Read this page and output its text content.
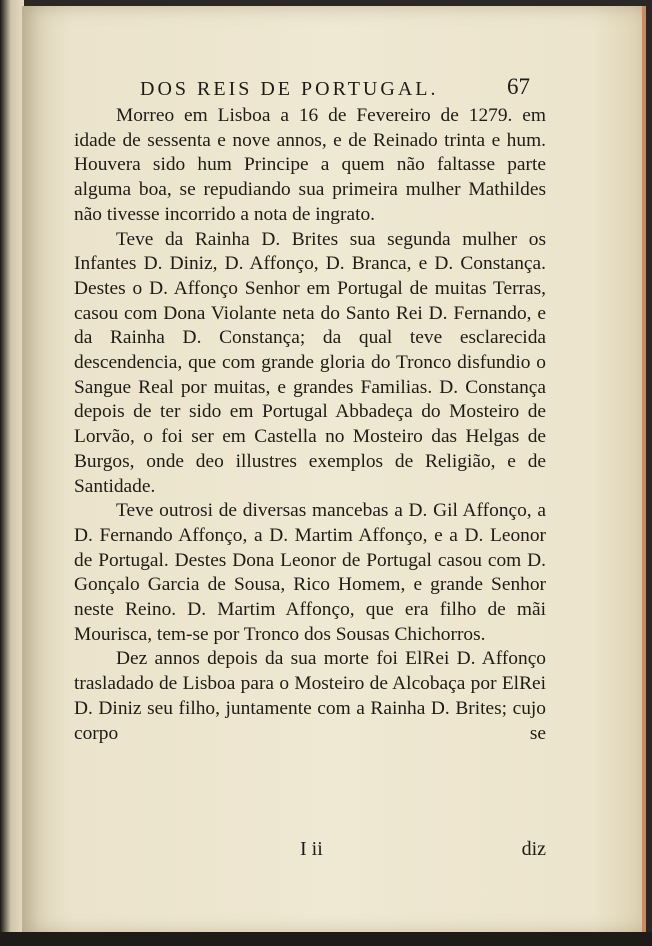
DOS REIS DE PORTUGAL.	67

Morreo em Lisboa a 16 de Fevereiro de 1279. em idade de sessenta e nove annos, e de Reinado trinta e hum. Houvera sido hum Principe a quem não faltasse parte alguma boa, se repudiando sua primeira mulher Mathildes não tivesse incorrido a nota de ingrato.

Teve da Rainha D. Brites sua segunda mulher os Infantes D. Diniz, D. Affonço, D. Branca, e D. Constança. Destes o D. Affonço Senhor em Portugal de muitas Terras, casou com Dona Violante neta do Santo Rei D. Fernando, e da Rainha D. Constança; da qual teve esclarecida descendencia, que com grande gloria do Tronco disfundio o Sangue Real por muitas, e grandes Familias. D. Constança depois de ter sido em Portugal Abbadeça do Mosteiro de Lorvão, o foi ser em Castella no Mosteiro das Helgas de Burgos, onde deo illustres exemplos de Religião, e de Santidade.

Teve outrosi de diversas mancebas a D. Gil Affonço, a D. Fernando Affonço, a D. Martim Affonço, e a D. Leonor de Portugal. Destes Dona Leonor de Portugal casou com D. Gonçalo Garcia de Sousa, Rico Homem, e grande Senhor neste Reino. D. Martim Affonço, que era filho de mãi Mourisca, tem-se por Tronco dos Sousas Chichorros.

Dez annos depois da sua morte foi ElRei D. Affonço trasladado de Lisboa para o Mosteiro de Alcobaça por ElRei D. Diniz seu filho, juntamente com a Rainha D. Brites; cujo corpo se

I ii	diz
